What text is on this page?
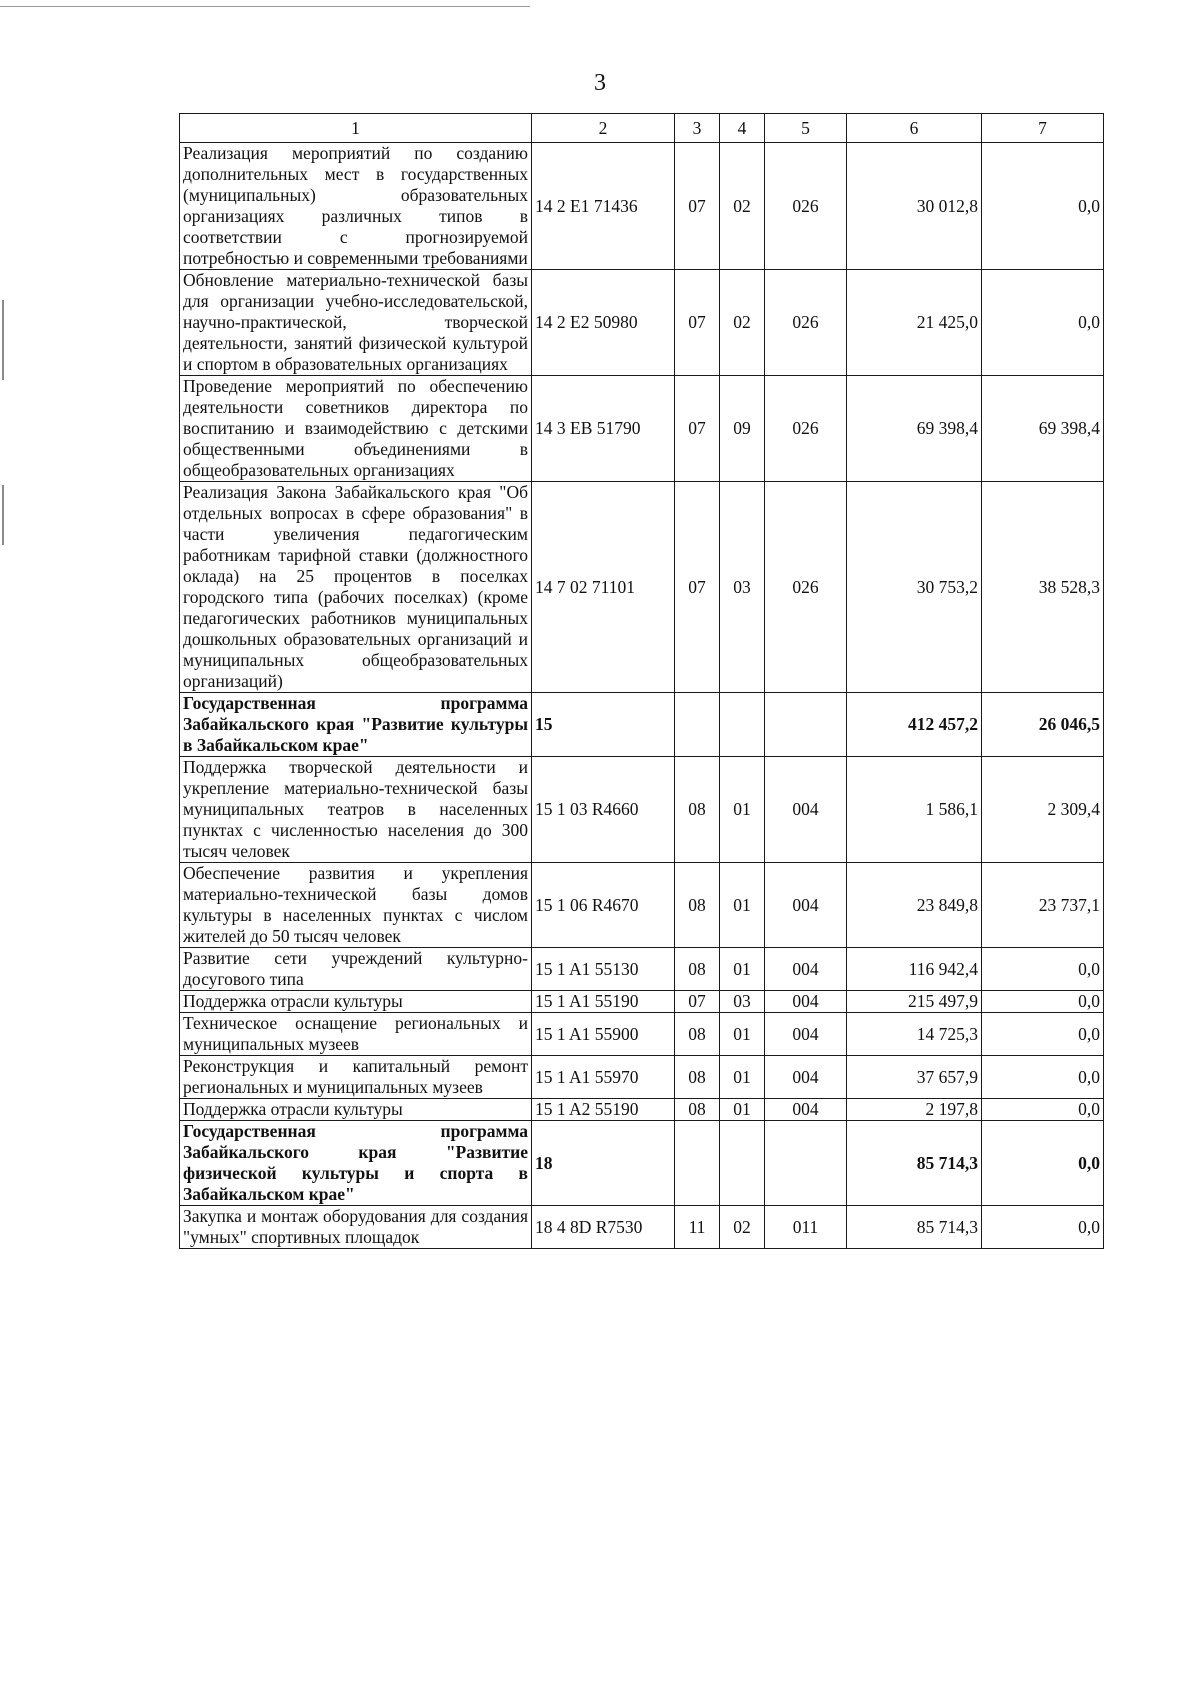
3
1	2	3	4	5	6	7
Реализация мероприятий по созданию дополнительных мест в государственных (муниципальных) образовательных организациях различных типов в соответствии с прогнозируемой потребностью и современными требованиями	14 2 E1 71436	07	02	026	30 012,8	0,0
Обновление материально-технической базы для организации учебно-исследовательской, научно-практической, творческой деятельности, занятий физической культурой и спортом в образовательных организациях	14 2 E2 50980	07	02	026	21 425,0	0,0
Проведение мероприятий по обеспечению деятельности советников директора по воспитанию и взаимодействию с детскими общественными объединениями в общеобразовательных организациях	14 3 EB 51790	07	09	026	69 398,4	69 398,4
Реализация Закона Забайкальского края "Об отдельных вопросах в сфере образования" в части увеличения педагогическим работникам тарифной ставки (должностного оклада) на 25 процентов в поселках городского типа (рабочих поселках) (кроме педагогических работников муниципальных дошкольных образовательных организаций и муниципальных общеобразовательных организаций)	14 7 02 71101	07	03	026	30 753,2	38 528,3
Государственная программа Забайкальского края "Развитие культуры в Забайкальском крае"	15				412 457,2	26 046,5
Поддержка творческой деятельности и укрепление материально-технической базы муниципальных театров в населенных пунктах с численностью населения до 300 тысяч человек	15 1 03 R4660	08	01	004	1 586,1	2 309,4
Обеспечение развития и укрепления материально-технической базы домов культуры в населенных пунктах с числом жителей до 50 тысяч человек	15 1 06 R4670	08	01	004	23 849,8	23 737,1
Развитие сети учреждений культурно-досугового типа	15 1 A1 55130	08	01	004	116 942,4	0,0
Поддержка отрасли культуры	15 1 A1 55190	07	03	004	215 497,9	0,0
Техническое оснащение региональных и муниципальных музеев	15 1 A1 55900	08	01	004	14 725,3	0,0
Реконструкция и капитальный ремонт региональных и муниципальных музеев	15 1 A1 55970	08	01	004	37 657,9	0,0
Поддержка отрасли культуры	15 1 A2 55190	08	01	004	2 197,8	0,0
Государственная программа Забайкальского края "Развитие физической культуры и спорта в Забайкальском крае"	18				85 714,3	0,0
Закупка и монтаж оборудования для создания "умных" спортивных площадок	18 4 8D R7530	11	02	011	85 714,3	0,0
